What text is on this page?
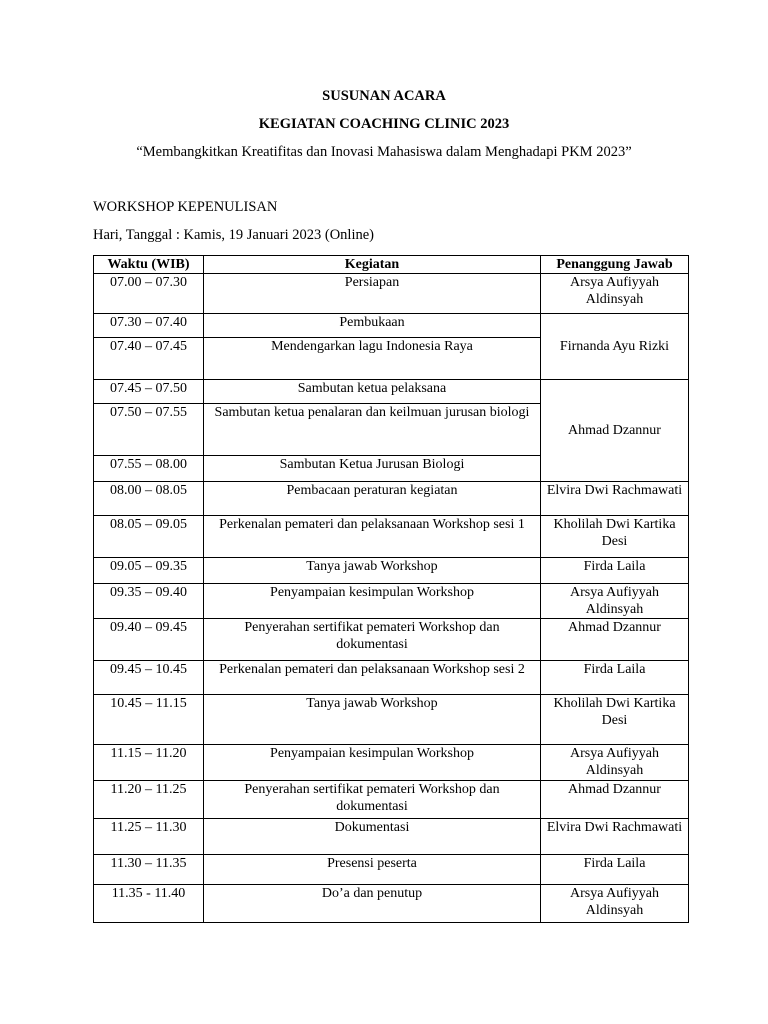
SUSUNAN ACARA
KEGIATAN COACHING CLINIC 2023
“Membangkitkan Kreatifitas dan Inovasi Mahasiswa dalam Menghadapi PKM 2023”
WORKSHOP KEPENULISAN
Hari, Tanggal : Kamis, 19 Januari 2023 (Online)
Waktu (WIB)	Kegiatan	Penanggung Jawab
07.00 – 07.30	Persiapan	Arsya Aufiyyah Aldinsyah
07.30 – 07.40	Pembukaan	Firnanda Ayu Rizki
07.40 – 07.45	Mendengarkan lagu Indonesia Raya	
07.45 – 07.50	Sambutan ketua pelaksana	Ahmad Dzannur
07.50 – 07.55	Sambutan ketua penalaran dan keilmuan jurusan biologi	
07.55 – 08.00	Sambutan Ketua Jurusan Biologi	
08.00 – 08.05	Pembacaan peraturan kegiatan	Elvira Dwi Rachmawati
08.05 – 09.05	Perkenalan pemateri dan pelaksanaan Workshop sesi 1	Kholilah Dwi Kartika Desi
09.05 – 09.35	Tanya jawab Workshop	Firda Laila
09.35 – 09.40	Penyampaian kesimpulan Workshop	Arsya Aufiyyah Aldinsyah
09.40 – 09.45	Penyerahan sertifikat pemateri Workshop dan dokumentasi	Ahmad Dzannur
09.45 – 10.45	Perkenalan pemateri dan pelaksanaan Workshop sesi 2	Firda Laila
10.45 – 11.15	Tanya jawab Workshop	Kholilah Dwi Kartika Desi
11.15 – 11.20	Penyampaian kesimpulan Workshop	Arsya Aufiyyah Aldinsyah
11.20 – 11.25	Penyerahan sertifikat pemateri Workshop dan dokumentasi	Ahmad Dzannur
11.25 – 11.30	Dokumentasi	Elvira Dwi Rachmawati
11.30 – 11.35	Presensi peserta	Firda Laila
11.35 - 11.40	Do’a dan penutup	Arsya Aufiyyah Aldinsyah
